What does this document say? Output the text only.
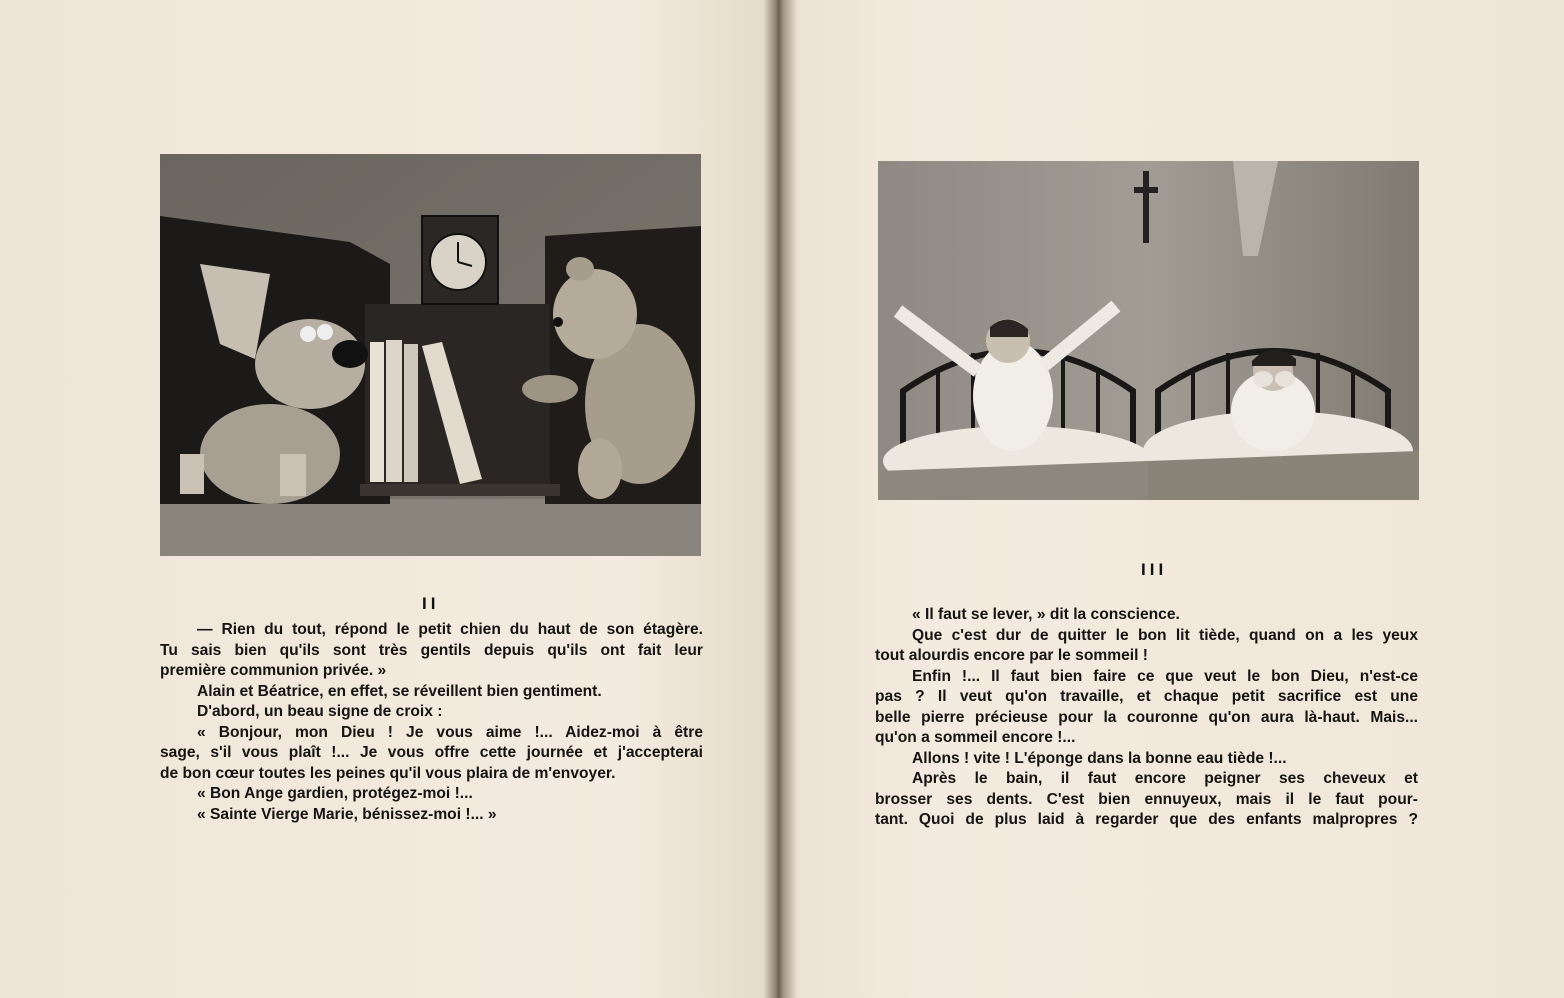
II
— Rien du tout, répond le petit chien du haut de son étagère.
Tu sais bien qu'ils sont très gentils depuis qu'ils ont fait leur
première communion privée. »
Alain et Béatrice, en effet, se réveillent bien gentiment.
D'abord, un beau signe de croix :
« Bonjour, mon Dieu ! Je vous aime !... Aidez-moi à être
sage, s'il vous plaît !... Je vous offre cette journée et j'accepterai
de bon cœur toutes les peines qu'il vous plaira de m'envoyer.
« Bon Ange gardien, protégez-moi !...
« Sainte Vierge Marie, bénissez-moi !... »
III
« Il faut se lever, » dit la conscience.
Que c'est dur de quitter le bon lit tiède, quand on a les yeux
tout alourdis encore par le sommeil !
Enfin !... Il faut bien faire ce que veut le bon Dieu, n'est-ce
pas ? Il veut qu'on travaille, et chaque petit sacrifice est une
belle pierre précieuse pour la couronne qu'on aura là-haut. Mais...
qu'on a sommeil encore !...
Allons ! vite ! L'éponge dans la bonne eau tiède !...
Après le bain, il faut encore peigner ses cheveux et
brosser ses dents. C'est bien ennuyeux, mais il le faut pour-
tant. Quoi de plus laid à regarder que des enfants malpropres ?
